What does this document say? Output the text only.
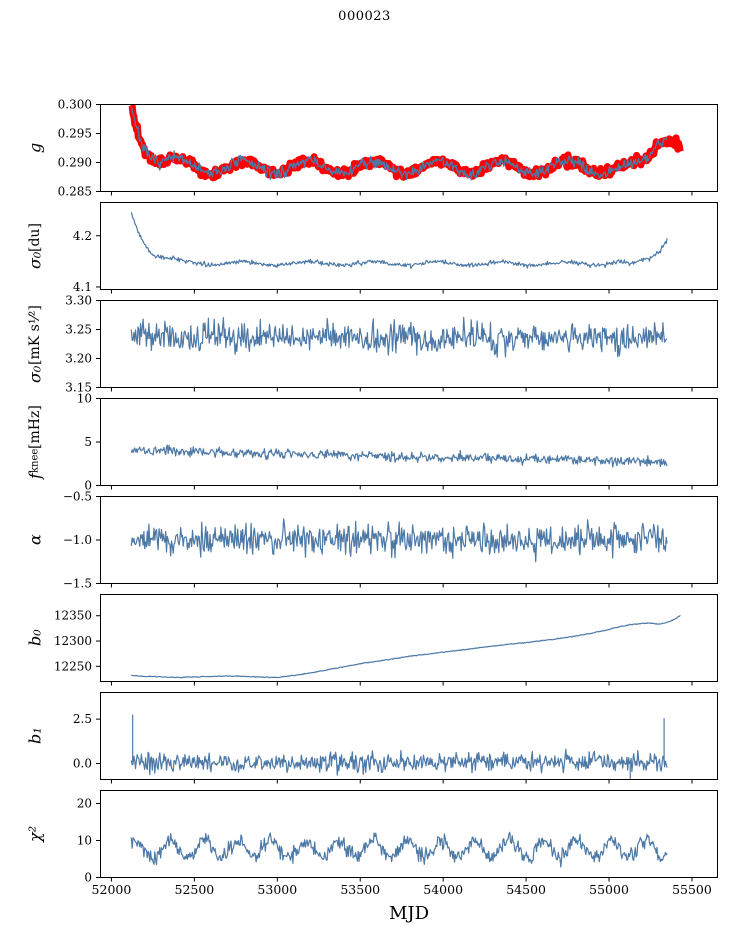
000023
g
0.300
0.295
0.290
0.285
σ₀
[du] 4.2
4.1
σ₀
[mK s¹⁄²]
3.30
3.25
3.20
3.15
f
knee
[mHz]
10
5
0
α
−0.5
−1.0
−1.5
b₀
12350
12300
12250
b₁
2.5
0.0
χ²
20
10
0
52000	52500	53000	53500	54000	54500	55000	55500
MJD
